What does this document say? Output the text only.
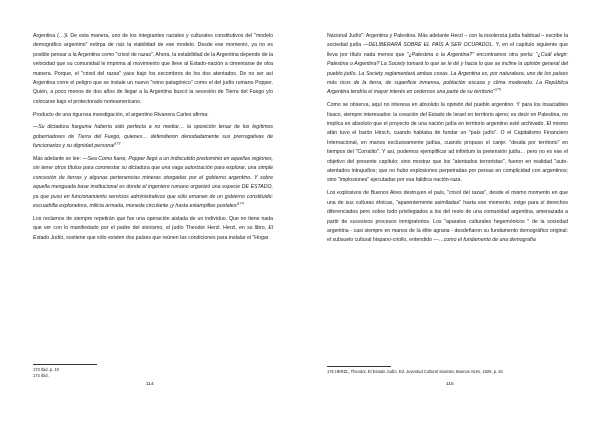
Argentina (…)l. De esta manera, uno de los integrantes raciales y culturales constitutivos del "modelo demográfico argentino" extirpa de raíz la viabilidad de ese modelo. Desde ese momento, ya no es posible pensar a la Argentina como "crisol de razas". Ahora, la estabilidad de la Argentina depende de la velocidad que su comunidad le imprima al movimiento que lleve al Estado-nación a cimentarse de otra manera. Porque, el "crisol del razas" yace bajo los escombros de los dos atentados. De no ser así Argentina corre el peligro que se instale un nuevo "reino patagónico" como el del judío rumano Popper. Quién, a poco menos de dos años de llegar a la Argentina buscó la secesión de Tierra del Fuego y/o colocarse bajo el protectorado norteamericano.

Producto de una rigurosa investigación, el argentino Rivanera Carles afirma:

—Su dictadura fueguina habería sido perfecta a no mediar… la oposición tenaz de los legítimos gobernadores de Tierra del Fuego, quienes… defendieron denodadamente sus prerrogativas de funcionarios y su dignidad personal$^{173}$

Más adelante se lee: —Sea Como fuere, Popper llegó a un indiscutido predominio en aquellas regiones, sin tener otros títulos para coronestar su dictadura que una vaga autorización para explorar, una simple concesión de tierras y algunas pertenencias mineras otorgadas por el gobierno argentino. Y sobre aquella menguada base institucional es donde el ingeniero rumano organizó una especie DE ESTADO, ya que puso en funcionamiento servicios administrativos que sólo emanan de un gobierno constituido: escuadrilla exploradora, milicia armada, moneda circulante ¡y hasta estampillas postales!$^{174}$

Los reclamos de siempre repetirán que fue una operación aislada de un individuo. Que no tiene nada que ver con lo manifestado por el padre del sionismo, el judío Theodor Herzl. Herzl, en su libro, El Estado Judío, sostiene que sólo existen dos países que reúnen las condiciones para instalar el "Hogar

173 Ibid. p. 10
174 Ibid.
114

Nacional Judío": Argentina y Palestina. Más adelante Herzl – con la insolencia judía habitual – escribe la sociedad judía —DELIBERARÁ SOBRE EL PAÍS A SER OCUPADOL. Y, en el capítulo siguiente que lleva por título nada menos que "¿Palestina o la Argentina?" encontramos otra perla: "¿Cuál elegir: Palestina o Argentina? La Society tomará lo que se le dé y hacia lo que se incline la opinión general del pueblo judío. La Society reglamentará ambas cosas. La Argentina es, por naturaleza, uno de los países más ricos de la tierra, de superficie inmensa, población escasa y clima moderado. La República Argentina tendría el mayor interés en cedernos una parte de su territorio"$^{175}$

Como se observa, aquí no interesa en absoluto la opinión del pueblo argentino. Y para los insaciables Iisaco, siempre interesados: la creación del Estado de Israel en territorio ajeno; es decir en Palestina, no implica en absoluto que el proyecto de una nación judía en territorio argentino esté archivado. El mismo afán tuvo el barón Hirsch, cuando hablaba de fundar un "país judío". O el Capitalismo Financiero Internacional, en manos exclusivamente judías, cuando propuso el canje: "deuda por territorio" en tiempos del "Corralito". Y así, podemos ejemplificar ad infinitum la pretensión judía… pero no es ese el objetivo del presente capítulo; sino mostrar que los "atentados terroristas", fueron en realidad "auto-atentados intrajudíos; que no hubo explosiones perpetradas por persas en complicidad con argentinos; sino "implosiones" ejecutadas por esa falidica nación-raza.

Los explosivos de Buenos Aires destruyen el país, "crisol del razas", desde el mismo momento en que una de sus culturas étnicas, "aparentemente asimiladas" hasta ese momento, exige para sí derechos diferenciados pero sobre todo privilegiados a los del resto de una comunidad argentina, amenazada a partir de sucesivos procesos inmigratorios. Los "aparatos culturales hegemónicos " de la sociedad argentina - casi siempre en manos de la élite agraria - desdeñaron su fundamento demográfico original: el subsuelo cultural hispano-criollo, entendido —…como el fundamento de una demografía

175 HERZL, Theodor, El Estado Judío, Ed. Juventud Cultural Sionista, Buenos Aires, 1926, p. 34
115
